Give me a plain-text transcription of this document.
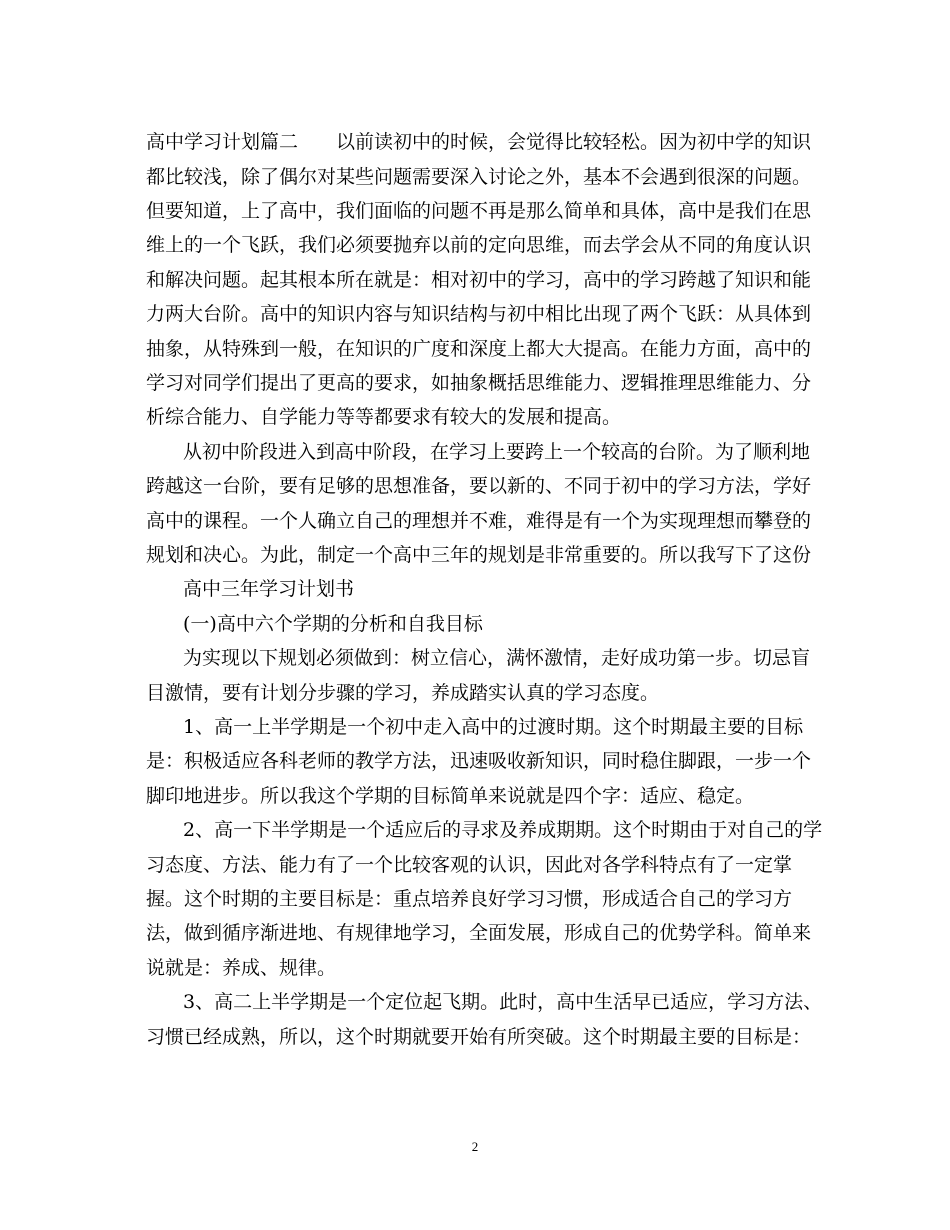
高中学习计划篇二　　以前读初中的时候，会觉得比较轻松。因为初中学的知识
都比较浅，除了偶尔对某些问题需要深入讨论之外，基本不会遇到很深的问题。
但要知道，上了高中，我们面临的问题不再是那么简单和具体，高中是我们在思
维上的一个飞跃，我们必须要抛弃以前的定向思维，而去学会从不同的角度认识
和解决问题。起其根本所在就是：相对初中的学习，高中的学习跨越了知识和能
力两大台阶。高中的知识内容与知识结构与初中相比出现了两个飞跃：从具体到
抽象，从特殊到一般，在知识的广度和深度上都大大提高。在能力方面，高中的
学习对同学们提出了更高的要求，如抽象概括思维能力、逻辑推理思维能力、分
析综合能力、自学能力等等都要求有较大的发展和提高。
从初中阶段进入到高中阶段，在学习上要跨上一个较高的台阶。为了顺利地
跨越这一台阶，要有足够的思想准备，要以新的、不同于初中的学习方法，学好
高中的课程。一个人确立自己的理想并不难，难得是有一个为实现理想而攀登的
规划和决心。为此，制定一个高中三年的规划是非常重要的。所以我写下了这份
高中三年学习计划书
(一)高中六个学期的分析和自我目标
为实现以下规划必须做到：树立信心，满怀激情，走好成功第一步。切忌盲
目激情，要有计划分步骤的学习，养成踏实认真的学习态度。
1、高一上半学期是一个初中走入高中的过渡时期。这个时期最主要的目标
是：积极适应各科老师的教学方法，迅速吸收新知识，同时稳住脚跟，一步一个
脚印地进步。所以我这个学期的目标简单来说就是四个字：适应、稳定。
2、高一下半学期是一个适应后的寻求及养成期期。这个时期由于对自己的学
习态度、方法、能力有了一个比较客观的认识，因此对各学科特点有了一定掌
握。这个时期的主要目标是：重点培养良好学习习惯，形成适合自己的学习方
法，做到循序渐进地、有规律地学习，全面发展，形成自己的优势学科。简单来
说就是：养成、规律。
3、高二上半学期是一个定位起飞期。此时，高中生活早已适应，学习方法、
习惯已经成熟，所以，这个时期就要开始有所突破。这个时期最主要的目标是：
2
